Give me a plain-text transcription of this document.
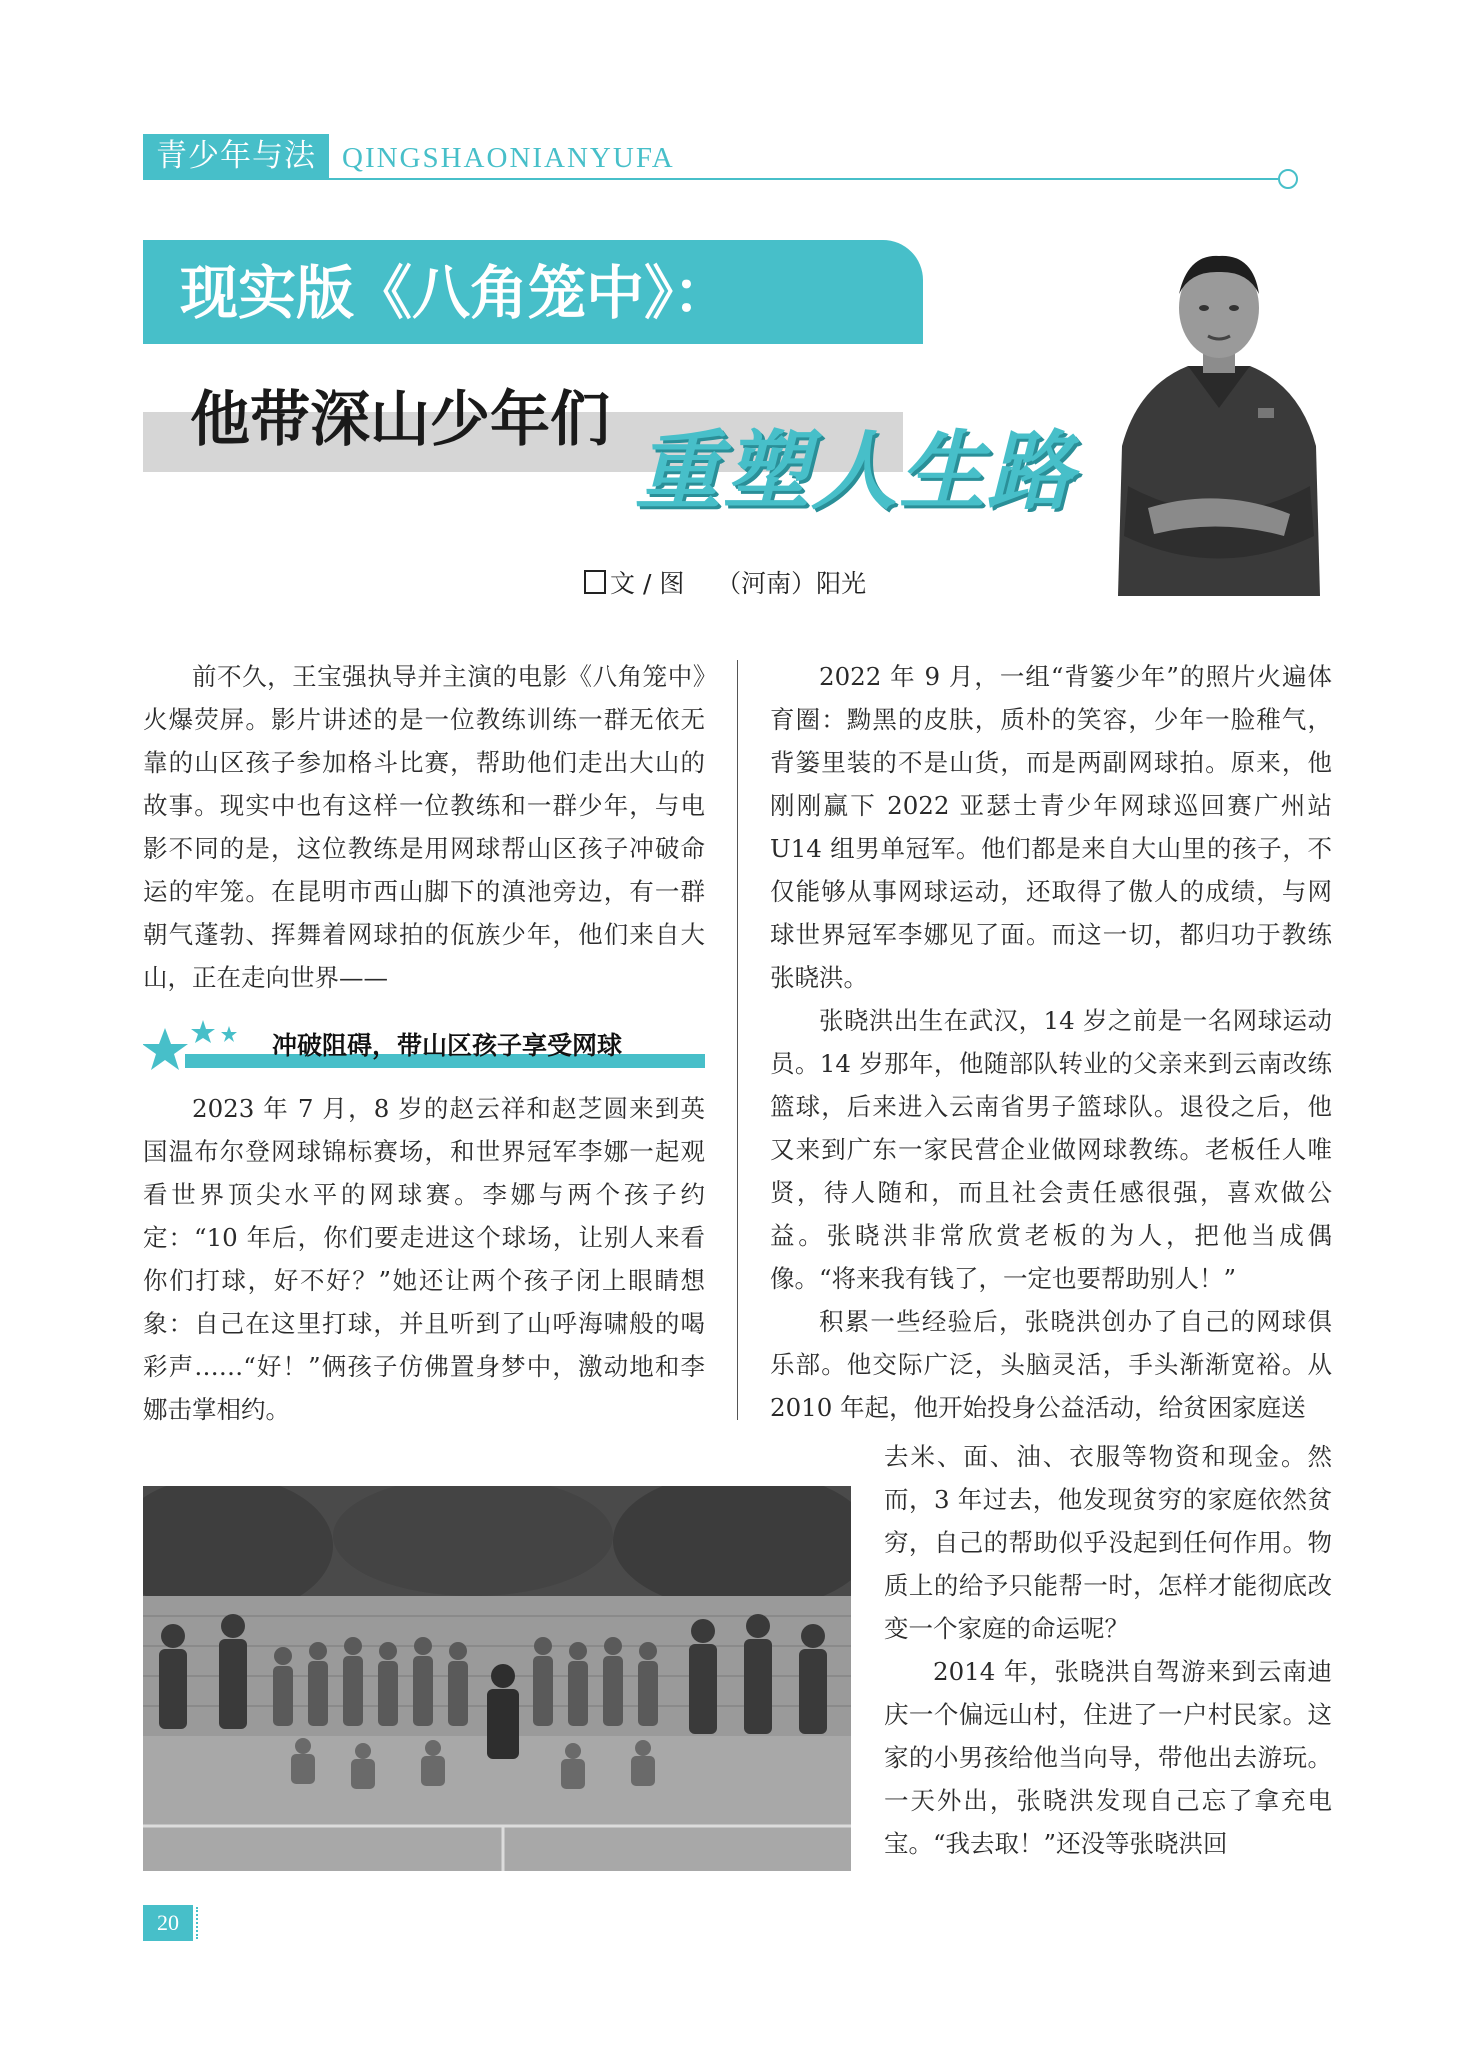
青少年与法 QINGSHAONIANYUFA
现实版《八角笼中》：
他带深山少年们
重塑人生路
文 / 图 （河南）阳光

前不久，王宝强执导并主演的电影《八角笼中》火爆荧屏。影片讲述的是一位教练训练一群无依无靠的山区孩子参加格斗比赛，帮助他们走出大山的故事。现实中也有这样一位教练和一群少年，与电影不同的是，这位教练是用网球帮山区孩子冲破命运的牢笼。在昆明市西山脚下的滇池旁边，有一群朝气蓬勃、挥舞着网球拍的佤族少年，他们来自大山，正在走向世界——

冲破阻碍，带山区孩子享受网球

2023 年 7 月，8 岁的赵云祥和赵芝圆来到英国温布尔登网球锦标赛场，和世界冠军李娜一起观看世界顶尖水平的网球赛。李娜与两个孩子约定：“10 年后，你们要走进这个球场，让别人来看你们打球，好不好？”她还让两个孩子闭上眼睛想象：自己在这里打球，并且听到了山呼海啸般的喝彩声……“好！”俩孩子仿佛置身梦中，激动地和李娜击掌相约。

2022 年 9 月，一组“背篓少年”的照片火遍体育圈：黝黑的皮肤，质朴的笑容，少年一脸稚气，背篓里装的不是山货，而是两副网球拍。原来，他刚刚赢下 2022 亚瑟士青少年网球巡回赛广州站 U14 组男单冠军。他们都是来自大山里的孩子，不仅能够从事网球运动，还取得了傲人的成绩，与网球世界冠军李娜见了面。而这一切，都归功于教练张晓洪。

张晓洪出生在武汉，14 岁之前是一名网球运动员。14 岁那年，他随部队转业的父亲来到云南改练篮球，后来进入云南省男子篮球队。退役之后，他又来到广东一家民营企业做网球教练。老板任人唯贤，待人随和，而且社会责任感很强，喜欢做公益。张晓洪非常欣赏老板的为人，把他当成偶像。“将来我有钱了，一定也要帮助别人！”

积累一些经验后，张晓洪创办了自己的网球俱乐部。他交际广泛，头脑灵活，手头渐渐宽裕。从 2010 年起，他开始投身公益活动，给贫困家庭送

去米、面、油、衣服等物资和现金。然而，3 年过去，他发现贫穷的家庭依然贫穷，自己的帮助似乎没起到任何作用。物质上的给予只能帮一时，怎样才能彻底改变一个家庭的命运呢？

2014 年，张晓洪自驾游来到云南迪庆一个偏远山村，住进了一户村民家。这家的小男孩给他当向导，带他出去游玩。一天外出，张晓洪发现自己忘了拿充电宝。“我去取！”还没等张晓洪回

20
